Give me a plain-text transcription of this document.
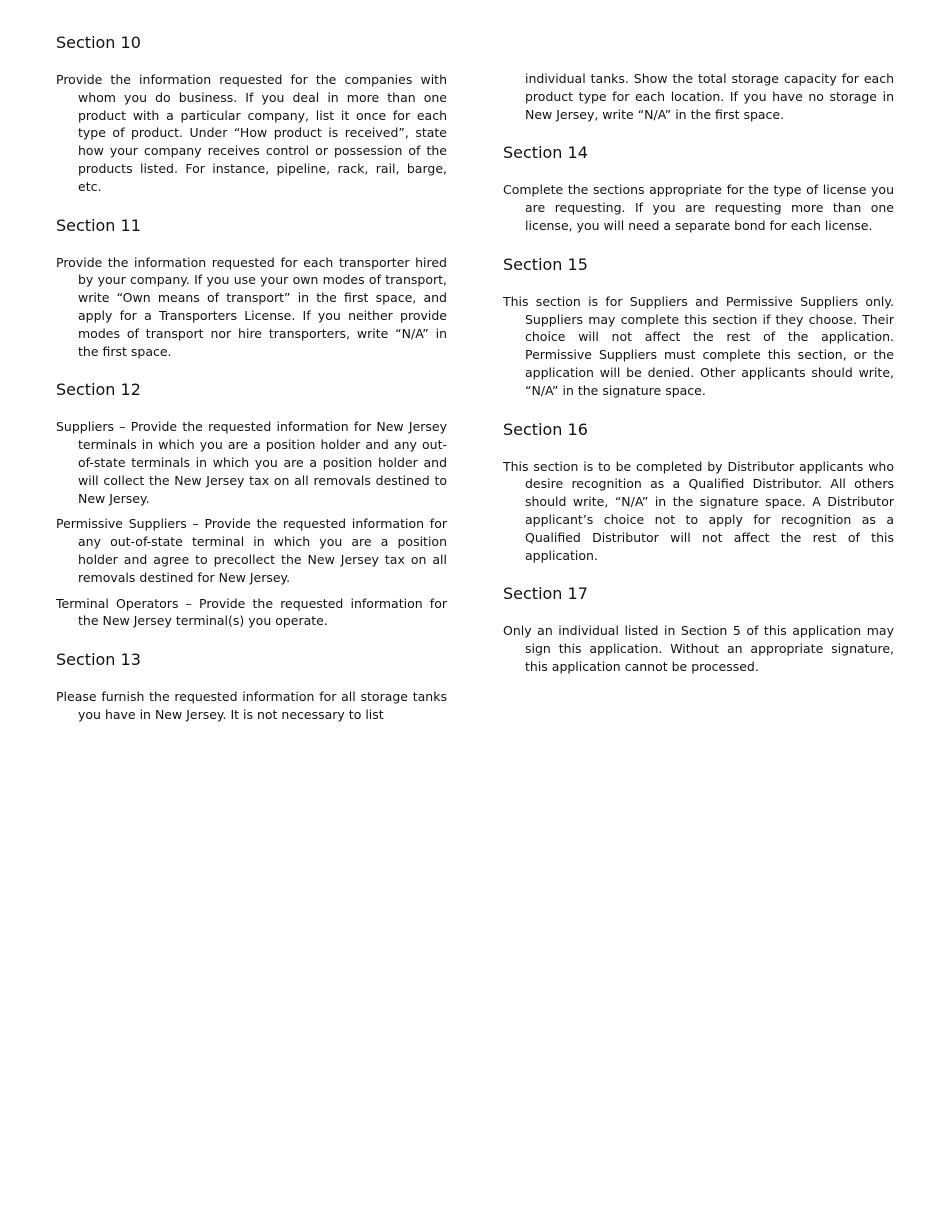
Section 10

Provide the information requested for the companies with whom you do business. If you deal in more than one product with a particular company, list it once for each type of product. Under “How product is received”, state how your company receives control or possession of the products listed. For instance, pipeline, rack, rail, barge, etc.

Section 11

Provide the information requested for each transporter hired by your company. If you use your own modes of transport, write “Own means of transport” in the first space, and apply for a Transporters License. If you neither provide modes of transport nor hire transporters, write “N/A” in the first space.

Section 12

Suppliers – Provide the requested information for New Jersey terminals in which you are a position holder and any out-of-state terminals in which you are a position holder and will collect the New Jersey tax on all removals destined to New Jersey.

Permissive Suppliers – Provide the requested information for any out-of-state terminal in which you are a position holder and agree to precollect the New Jersey tax on all removals destined for New Jersey.

Terminal Operators – Provide the requested information for the New Jersey terminal(s) you operate.

Section 13

Please furnish the requested information for all storage tanks you have in New Jersey. It is not necessary to list

individual tanks. Show the total storage capacity for each product type for each location. If you have no storage in New Jersey, write “N/A” in the first space.

Section 14

Complete the sections appropriate for the type of license you are requesting. If you are requesting more than one license, you will need a separate bond for each license.

Section 15

This section is for Suppliers and Permissive Suppliers only. Suppliers may complete this section if they choose. Their choice will not affect the rest of the application. Permissive Suppliers must complete this section, or the application will be denied. Other applicants should write, “N/A” in the signature space.

Section 16

This section is to be completed by Distributor applicants who desire recognition as a Qualified Distributor. All others should write, “N/A” in the signature space. A Distributor applicant’s choice not to apply for recognition as a Qualified Distributor will not affect the rest of this application.

Section 17

Only an individual listed in Section 5 of this application may sign this application. Without an appropriate signature, this application cannot be processed.
